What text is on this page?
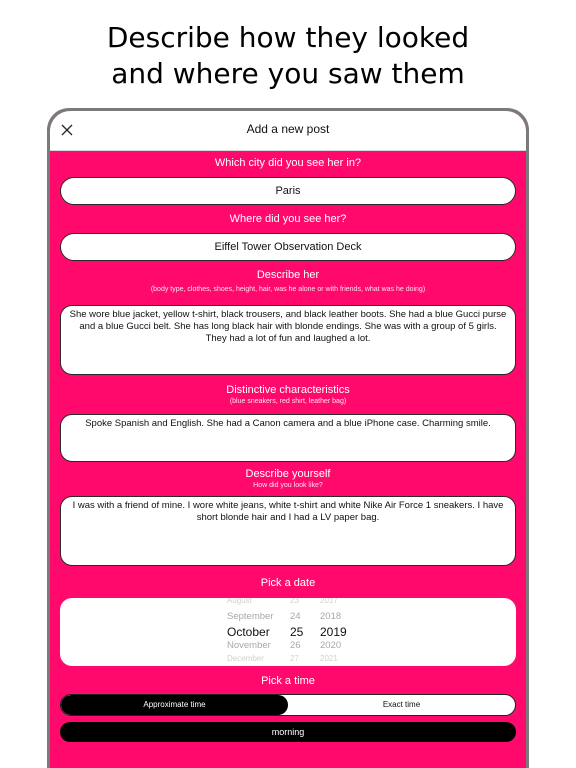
Describe how they looked
and where you saw them
Add a new post
Which city did you see her in?
Paris
Where did you see her?
Eiffel Tower Observation Deck
Describe her
(body type, clothes, shoes, height, hair, was he alone or with friends, what was he doing)
She wore blue jacket, yellow t-shirt, black trousers, and black leather boots. She had a blue Gucci purse and a blue Gucci belt. She has long black hair with blonde endings. She was with a group of 5 girls. They had a lot of fun and laughed a lot.
Distinctive characteristics
(blue sneakers, red shirt, leather bag)
Spoke Spanish and English. She had a Canon camera and a blue iPhone case. Charming smile.
Describe yourself
How did you look like?
I was with a friend of mine. I wore white jeans, white t-shirt and white Nike Air Force 1 sneakers. I have short blonde hair and I had a LV paper bag.
Pick a date
August
September
October
November
December
23
24
25
26
27
2017
2018
2019
2020
2021
Pick a time
Approximate time	Exact time
morning
